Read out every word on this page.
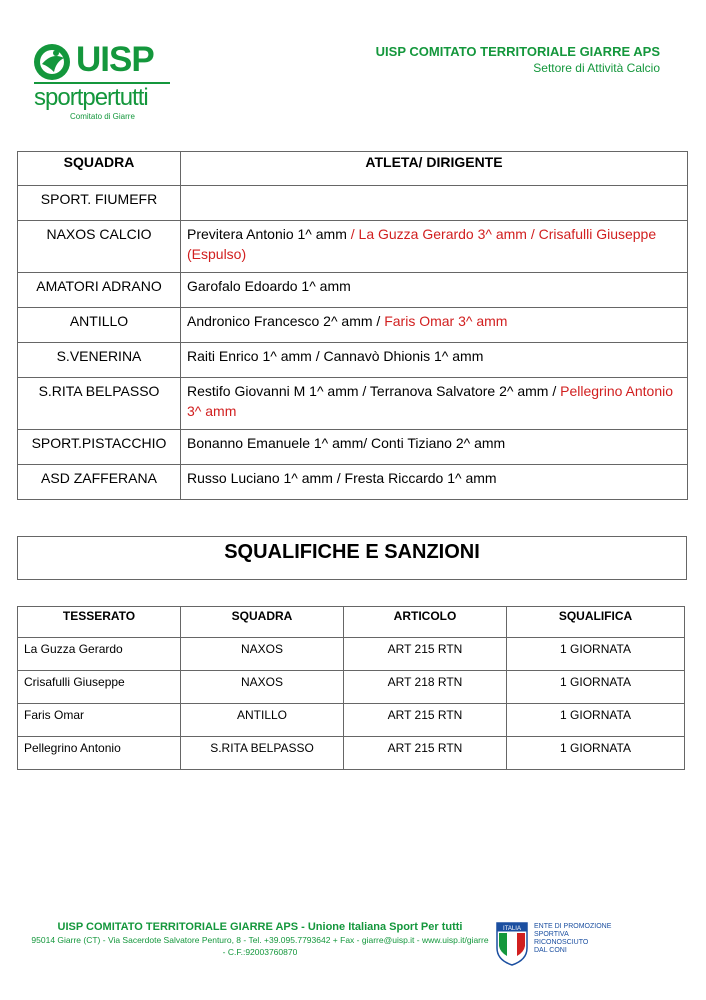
UISP
sportpertutti
Comitato di Giarre
UISP COMITATO TERRITORIALE GIARRE APS
Settore di Attività Calcio
SQUADRA	ATLETA/ DIRIGENTE
SPORT. FIUMEFR	
NAXOS CALCIO	Previtera Antonio 1^ amm / La Guzza Gerardo 3^ amm / Crisafulli Giuseppe (Espulso)
AMATORI ADRANO	Garofalo Edoardo 1^ amm
ANTILLO	Andronico Francesco 2^ amm / Faris Omar 3^ amm
S.VENERINA	Raiti Enrico 1^ amm / Cannavò Dhionis 1^ amm
S.RITA BELPASSO	Restifo Giovanni M 1^ amm / Terranova Salvatore 2^ amm / Pellegrino Antonio 3^ amm
SPORT.PISTACCHIO	Bonanno Emanuele 1^ amm/ Conti Tiziano 2^ amm
ASD ZAFFERANA	Russo Luciano 1^ amm / Fresta Riccardo 1^ amm
SQUALIFICHE E SANZIONI
TESSERATO	SQUADRA	ARTICOLO	SQUALIFICA
La Guzza Gerardo	NAXOS	ART 215 RTN	1 GIORNATA
Crisafulli Giuseppe	NAXOS	ART 218 RTN	1 GIORNATA
Faris Omar	ANTILLO	ART 215 RTN	1 GIORNATA
Pellegrino Antonio	S.RITA BELPASSO	ART 215 RTN	1 GIORNATA
UISP COMITATO TERRITORIALE GIARRE APS - Unione Italiana Sport Per tutti
95014 Giarre (CT) - Via Sacerdote Salvatore Penturo, 8 - Tel. +39.095.7793642 + Fax - giarre@uisp.it - www.uisp.it/giarre - C.F.:92003760870
ITALIA ENTE DI PROMOZIONE
SPORTIVA
RICONOSCIUTO
DAL CONI
